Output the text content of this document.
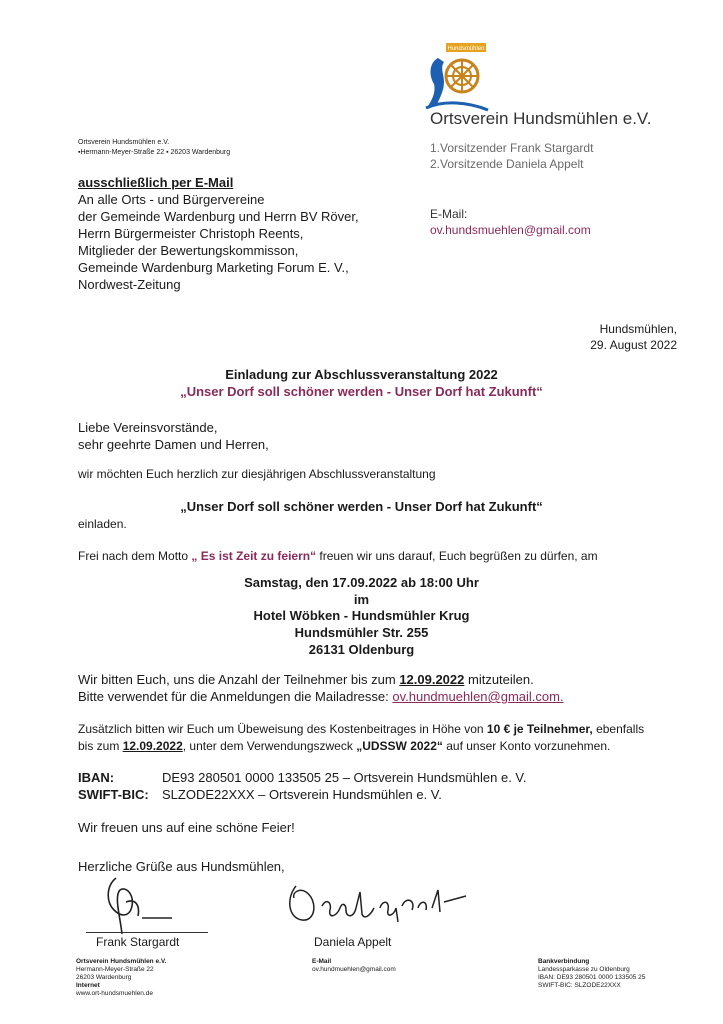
Hundsmühlen
Ortsverein Hundsmühlen e.V.
1.Vorsitzender Frank Stargardt
2.Vorsitzende Daniela Appelt
E-Mail:
ov.hundsmuehlen@gmail.com
Ortsverein Hundsmühlen e.V.
▪Hermann-Meyer-Straße 22 ▪ 26203 Wardenburg
ausschließlich per E-Mail
An alle Orts - und Bürgervereine
der Gemeinde Wardenburg und Herrn BV Röver,
Herrn Bürgermeister Christoph Reents,
Mitglieder der Bewertungskommisson,
Gemeinde Wardenburg Marketing Forum E. V.,
Nordwest-Zeitung
Hundsmühlen,
29. August 2022
Einladung zur Abschlussveranstaltung 2022
„Unser Dorf soll schöner werden - Unser Dorf hat Zukunft“
Liebe Vereinsvorstände,
sehr geehrte Damen und Herren,
wir möchten Euch herzlich zur diesjährigen Abschlussveranstaltung
„Unser Dorf soll schöner werden - Unser Dorf hat Zukunft“
einladen.
Frei nach dem Motto „ Es ist Zeit zu feiern“ freuen wir uns darauf, Euch begrüßen zu dürfen, am
Samstag, den 17.09.2022 ab 18:00 Uhr
im
Hotel Wöbken - Hundsmühler Krug
Hundsmühler Str. 255
26131 Oldenburg
Wir bitten Euch, uns die Anzahl der Teilnehmer bis zum 12.09.2022 mitzuteilen.
Bitte verwendet für die Anmeldungen die Mailadresse: ov.hundmuehlen@gmail.com.
Zusätzlich bitten wir Euch um Übeweisung des Kostenbeitrages in Höhe von 10 € je Teilnehmer, ebenfalls
bis zum 12.09.2022, unter dem Verwendungszweck „UDSSW 2022“ auf unser Konto vorzunehmen.
IBAN:	DE93 280501 0000 133505 25 – Ortsverein Hundsmühlen e. V.
SWIFT-BIC: SLZODE22XXX – Ortsverein Hundsmühlen e. V.
Wir freuen uns auf eine schöne Feier!
Herzliche Grüße aus Hundsmühlen,
Frank Stargardt	Daniela Appelt
Ortsverein Hundsmühlen e.V.
Hermann-Meyer-Straße 22
26203 Wardenburg
Internet
www.ort-hundsmuehlen.de
E-Mail
ov.hundmuehlen@gmail.com
Bankverbindung
Landessparkasse zu Oldenburg
IBAN: DE93 280501 0000 133505 25
SWIFT-BIC: SLZODE22XXX
